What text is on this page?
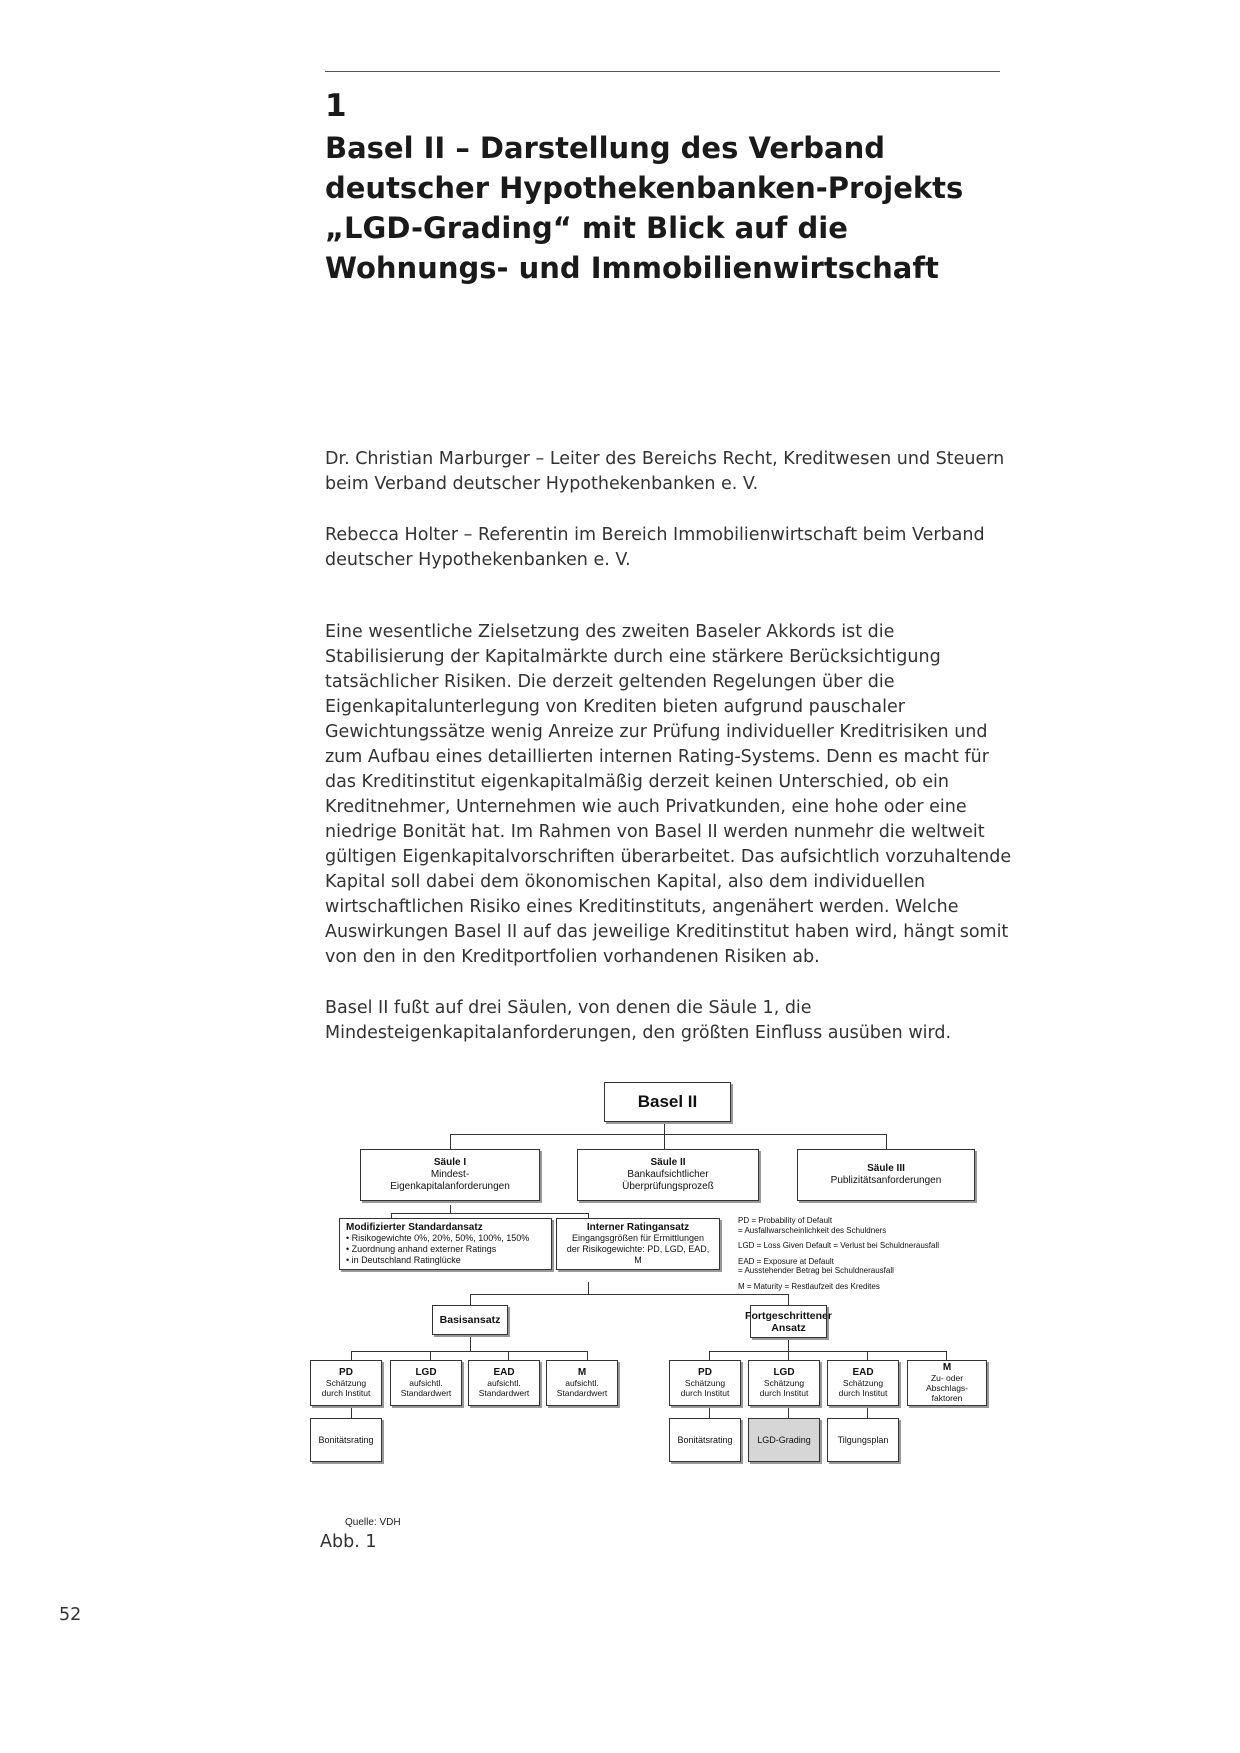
1
Basel II – Darstellung des Verband
deutscher Hypothekenbanken-Projekts
„LGD-Grading“ mit Blick auf die
Wohnungs- und Immobilienwirtschaft

Dr. Christian Marburger – Leiter des Bereichs Recht, Kreditwesen und Steuern beim Verband deutscher Hypothekenbanken e. V.

Rebecca Holter – Referentin im Bereich Immobilienwirtschaft beim Verband deutscher Hypothekenbanken e. V.

Eine wesentliche Zielsetzung des zweiten Baseler Akkords ist die Stabilisierung der Kapitalmärkte durch eine stärkere Berücksichtigung tatsächlicher Risiken. Die derzeit geltenden Regelungen über die Eigenkapitalunterlegung von Krediten bieten aufgrund pauschaler Gewichtungssätze wenig Anreize zur Prüfung individueller Kreditrisiken und zum Aufbau eines detaillierten internen Rating-Systems. Denn es macht für das Kreditinstitut eigenkapitalmäßig derzeit keinen Unterschied, ob ein Kreditnehmer, Unternehmen wie auch Privatkunden, eine hohe oder eine niedrige Bonität hat. Im Rahmen von Basel II werden nunmehr die weltweit gültigen Eigenkapitalvorschriften überarbeitet. Das aufsichtlich vorzuhaltende Kapital soll dabei dem ökonomischen Kapital, also dem individuellen wirtschaftlichen Risiko eines Kreditinstituts, angenähert werden. Welche Auswirkungen Basel II auf das jeweilige Kreditinstitut haben wird, hängt somit von den in den Kreditportfolien vorhandenen Risiken ab.

Basel II fußt auf drei Säulen, von denen die Säule 1, die Mindesteigenkapitalanforderungen, den größten Einfluss ausüben wird.

Basel II
Säule I
Mindest-
Eigenkapitalanforderungen
Säule II
Bankaufsichtlicher
Überprüfungsprozeß
Säule III
Publizitätsanforderungen
Modifizierter Standardansatz
• Risikogewichte 0%, 20%, 50%, 100%, 150%
• Zuordnung anhand externer Ratings
• in Deutschland Ratinglücke
Interner Ratingansatz
Eingangsgrößen für Ermittlungen
der Risikogewichte: PD, LGD, EAD,
M
PD = Probability of Default
= Ausfallwarscheinlichkeit des Schuldners
LGD = Loss Given Default = Verlust bei Schuldnerausfall
EAD = Exposure at Default
= Ausstehender Betrag bei Schuldnerausfall
M = Maturity = Restlaufzeit des Kredites
Basisansatz	Fortgeschrittener
Ansatz
PD
Schätzung
durch Institut
LGD
aufsichtl.
Standardwert
EAD
aufsichtl.
Standardwert
M
aufsichtl.
Standardwert
PD
Schätzung
durch Institut
LGD
Schätzung
durch Institut
EAD
Schätzung
durch Institut
M
Zu- oder
Abschlags-
faktoren
Bonitätsrating	Bonitätsrating	LGD-Grading	Tilgungsplan
Quelle: VDH
Abb. 1
52
